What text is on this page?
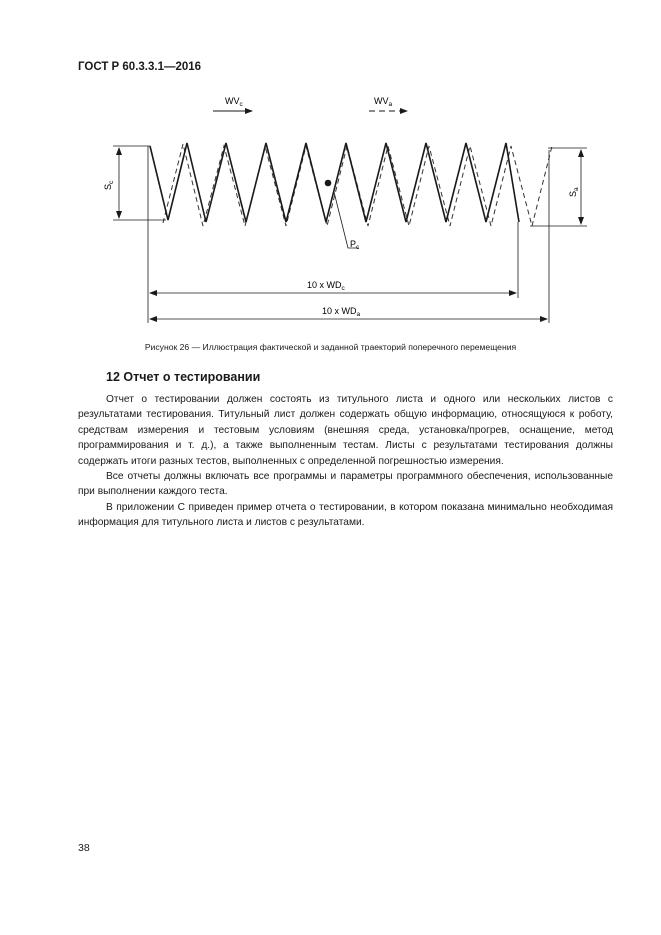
ГОСТ Р 60.3.3.1—2016
$WV_c$	$WV_a$
$S_c$
$S_a$
$P_c$
10 x $WD_c$
10 x $WD_a$
Рисунок 26 — Иллюстрация фактической и заданной траекторий поперечного перемещения
12 Отчет о тестировании

Отчет о тестировании должен состоять из титульного листа и одного или нескольких листов с результатами тестирования. Титульный лист должен содержать общую информацию, относящуюся к роботу, средствам измерения и тестовым условиям (внешняя среда, установка/прогрев, оснащение, метод программирования и т. д.), а также выполненным тестам. Листы с результатами тестирования должны содержать итоги разных тестов, выполненных с определенной погрешностью измерения.

Все отчеты должны включать все программы и параметры программного обеспечения, использованные при выполнении каждого теста.

В приложении С приведен пример отчета о тестировании, в котором показана минимально необходимая информация для титульного листа и листов с результатами.

38
